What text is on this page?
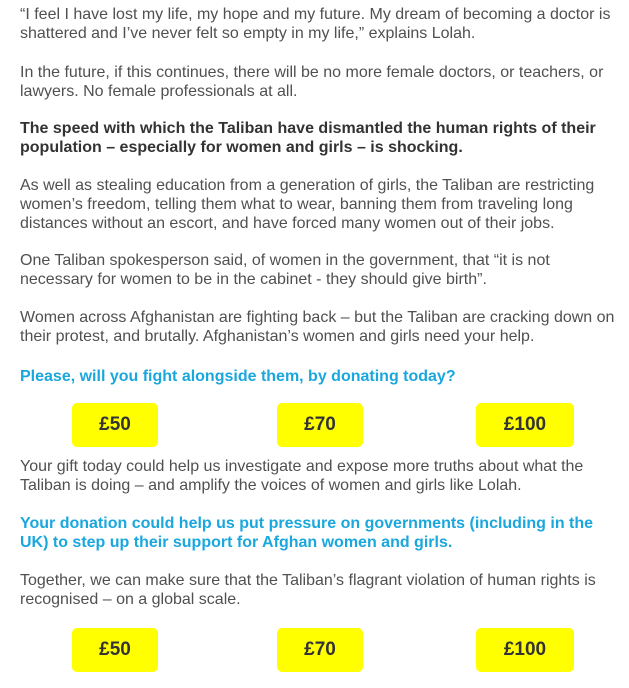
“I feel I have lost my life, my hope and my future. My dream of becoming a doctor is shattered and I’ve never felt so empty in my life,” explains Lolah.

In the future, if this continues, there will be no more female doctors, or teachers, or lawyers. No female professionals at all.

The speed with which the Taliban have dismantled the human rights of their population – especially for women and girls – is shocking.

As well as stealing education from a generation of girls, the Taliban are restricting women’s freedom, telling them what to wear, banning them from traveling long distances without an escort, and have forced many women out of their jobs.

One Taliban spokesperson said, of women in the government, that “it is not necessary for women to be in the cabinet - they should give birth”.

Women across Afghanistan are fighting back – but the Taliban are cracking down on their protest, and brutally. Afghanistan’s women and girls need your help.

Please, will you fight alongside them, by donating today?

Your gift today could help us investigate and expose more truths about what the Taliban is doing – and amplify the voices of women and girls like Lolah.

Your donation could help us put pressure on governments (including in the UK) to step up their support for Afghan women and girls.

Together, we can make sure that the Taliban’s flagrant violation of human rights is recognised – on a global scale.

£50	£70	£100
£50	£70	£100
